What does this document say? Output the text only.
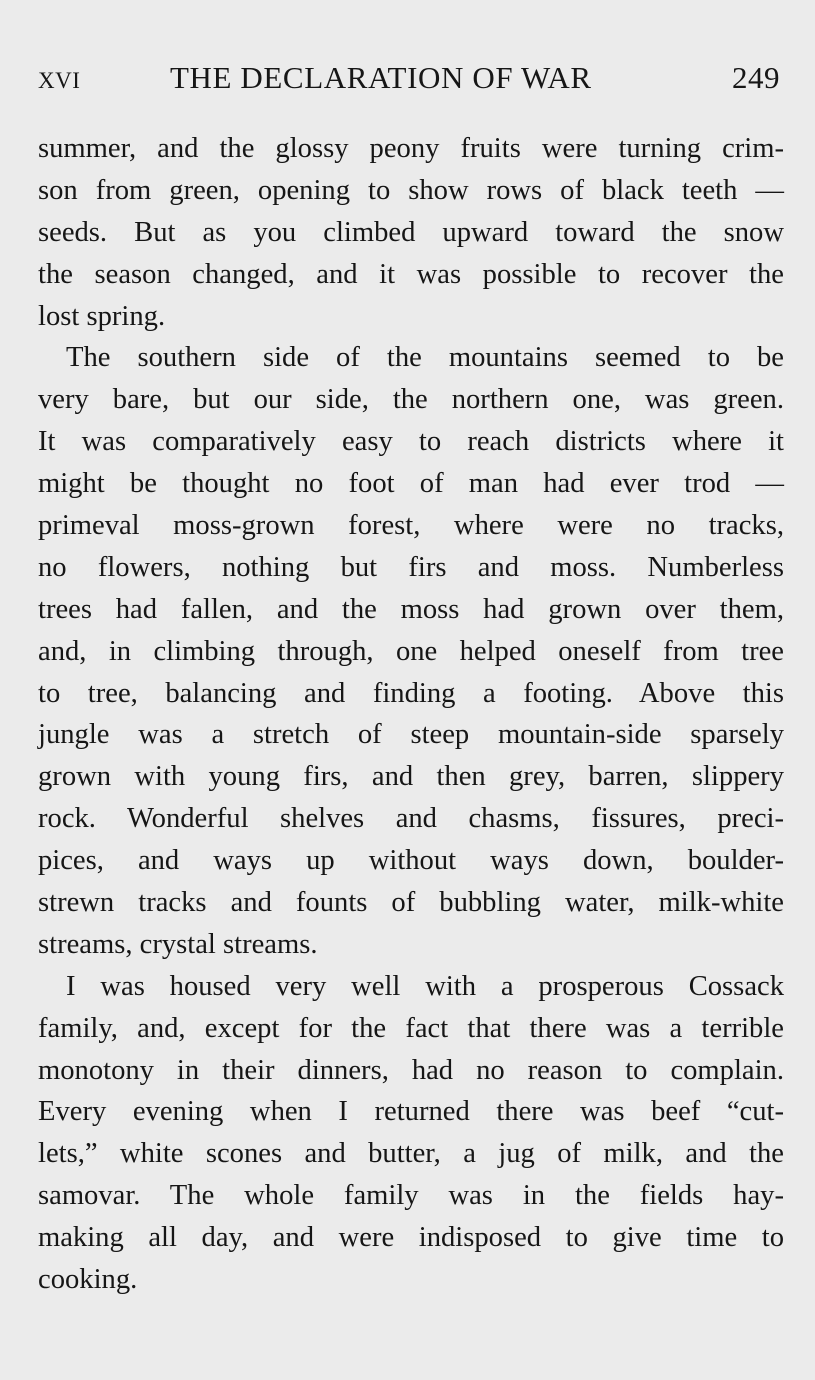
xvi	THE DECLARATION OF WAR	249
summer, and the glossy peony fruits were turning crim-
son from green, opening to show rows of black teeth —
seeds. But as you climbed upward toward the snow
the season changed, and it was possible to recover the
lost spring.
The southern side of the mountains seemed to be
very bare, but our side, the northern one, was green.
It was comparatively easy to reach districts where it
might be thought no foot of man had ever trod —
primeval moss-grown forest, where were no tracks,
no flowers, nothing but firs and moss. Numberless
trees had fallen, and the moss had grown over them,
and, in climbing through, one helped oneself from tree
to tree, balancing and finding a footing. Above this
jungle was a stretch of steep mountain-side sparsely
grown with young firs, and then grey, barren, slippery
rock. Wonderful shelves and chasms, fissures, preci-
pices, and ways up without ways down, boulder-
strewn tracks and founts of bubbling water, milk-white
streams, crystal streams.
I was housed very well with a prosperous Cossack
family, and, except for the fact that there was a terrible
monotony in their dinners, had no reason to complain.
Every evening when I returned there was beef “cut-
lets,” white scones and butter, a jug of milk, and the
samovar. The whole family was in the fields hay-
making all day, and were indisposed to give time to
cooking.
